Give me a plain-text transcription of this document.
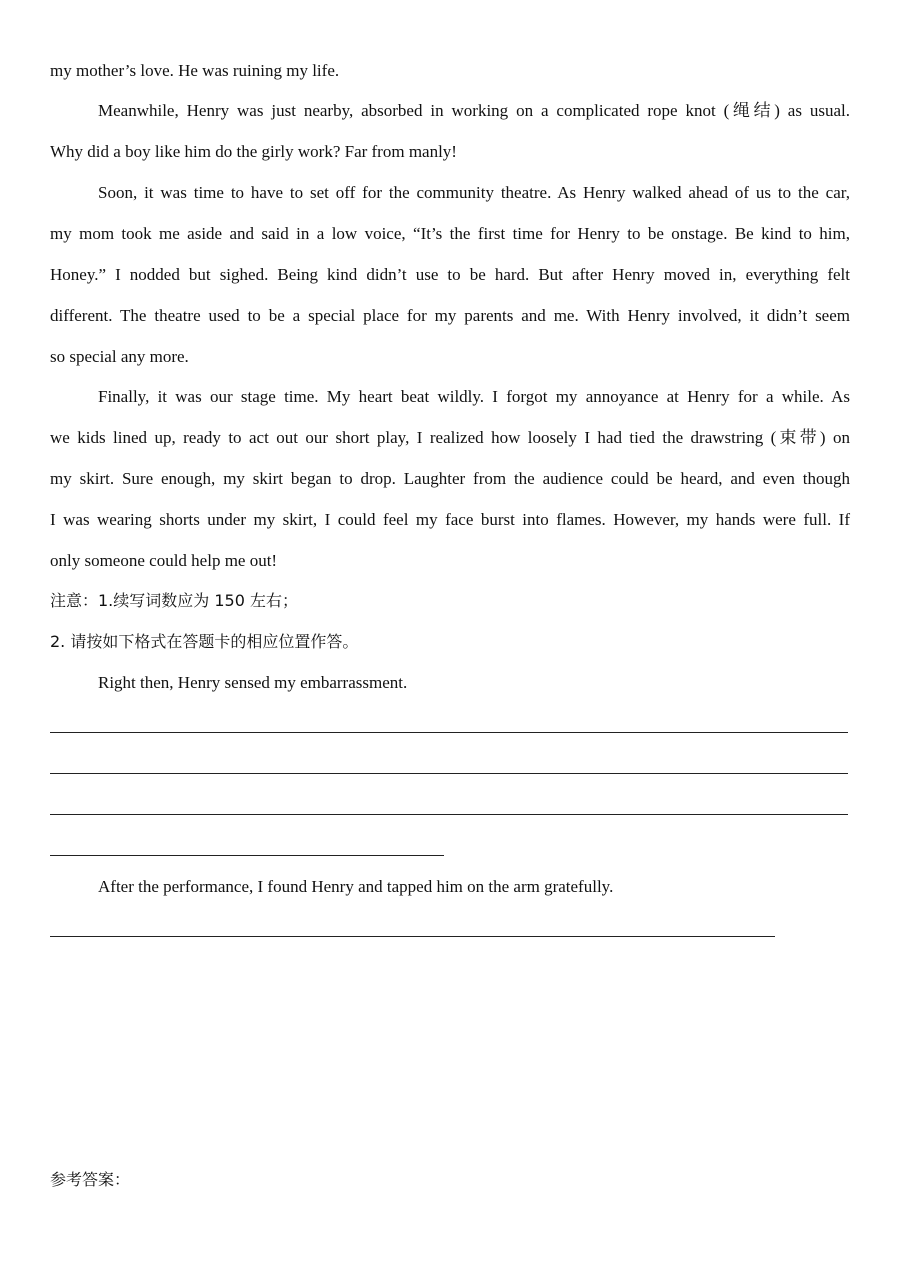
my mother’s love. He was ruining my life.
Meanwhile, Henry was just nearby, absorbed in working on a complicated rope knot (绳结) as usual.
Why did a boy like him do the girly work? Far from manly!
Soon, it was time to have to set off for the community theatre. As Henry walked ahead of us to the car,
my mom took me aside and said in a low voice, “It’s the first time for Henry to be onstage. Be kind to him,
Honey.” I nodded but sighed. Being kind didn’t use to be hard. But after Henry moved in, everything felt
different. The theatre used to be a special place for my parents and me. With Henry involved, it didn’t seem
so special any more.
Finally, it was our stage time. My heart beat wildly. I forgot my annoyance at Henry for a while. As
we kids lined up, ready to act out our short play, I realized how loosely I had tied the drawstring (束带) on
my skirt. Sure enough, my skirt began to drop. Laughter from the audience could be heard, and even though
I was wearing shorts under my skirt, I could feel my face burst into flames. However, my hands were full. If
only someone could help me out!
注意：1.续写词数应为 150 左右；
2. 请按如下格式在答题卡的相应位置作答。
Right then, Henry sensed my embarrassment.
After the performance, I found Henry and tapped him on the arm gratefully.
参考答案：
